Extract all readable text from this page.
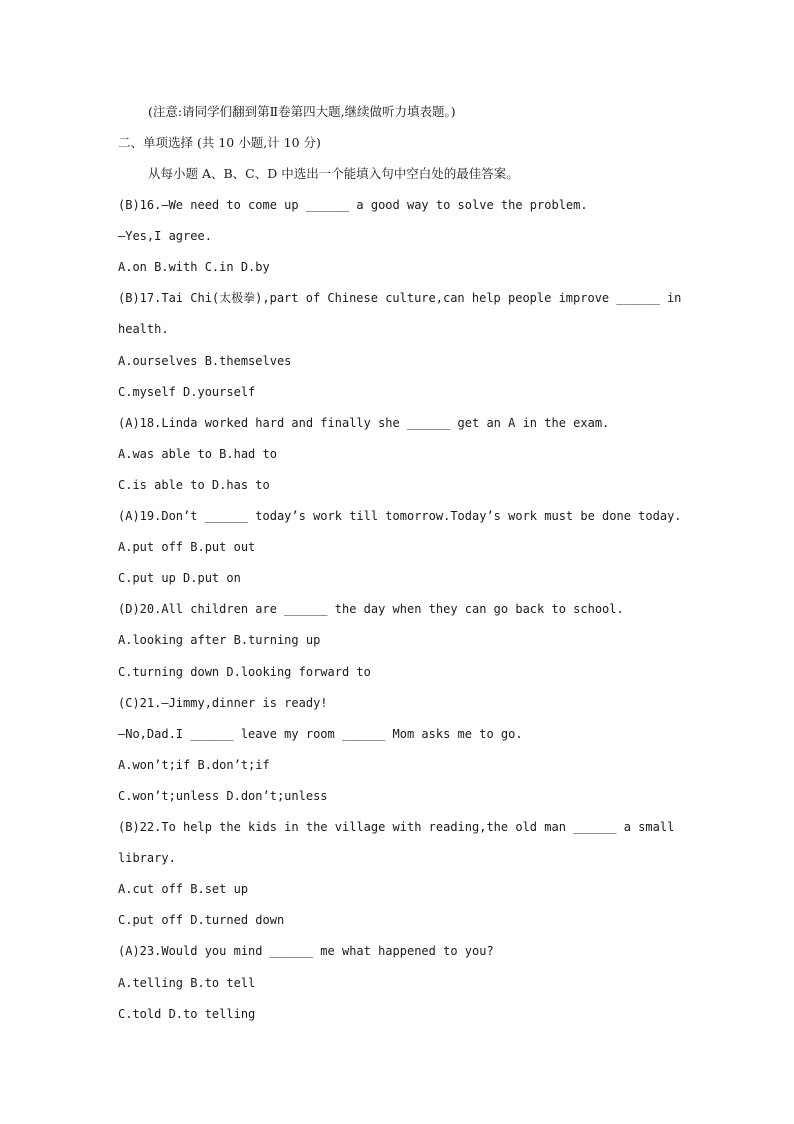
(注意:请同学们翻到第Ⅱ卷第四大题,继续做听力填表题。)
二、单项选择 (共 10 小题,计 10 分)
从每小题 A、B、C、D 中选出一个能填入句中空白处的最佳答案。
(B)16.—We need to come up ______ a good way to solve the problem.
—Yes,I agree.
A.on B.with C.in D.by
(B)17.Tai Chi(太极拳),part of Chinese culture,can help people improve ______ in
health.
A.ourselves B.themselves
C.myself D.yourself
(A)18.Linda worked hard and finally she ______ get an A in the exam.
A.was able to B.had to
C.is able to D.has to
(A)19.Don’t ______ today’s work till tomorrow.Today’s work must be done today.
A.put off B.put out
C.put up D.put on
(D)20.All children are ______ the day when they can go back to school.
A.looking after B.turning up
C.turning down D.looking forward to
(C)21.—Jimmy,dinner is ready!
—No,Dad.I ______ leave my room ______ Mom asks me to go.
A.won’t;if B.don’t;if
C.won’t;unless D.don’t;unless
(B)22.To help the kids in the village with reading,the old man ______ a small
library.
A.cut off B.set up
C.put off D.turned down
(A)23.Would you mind ______ me what happened to you?
A.telling B.to tell
C.told D.to telling
